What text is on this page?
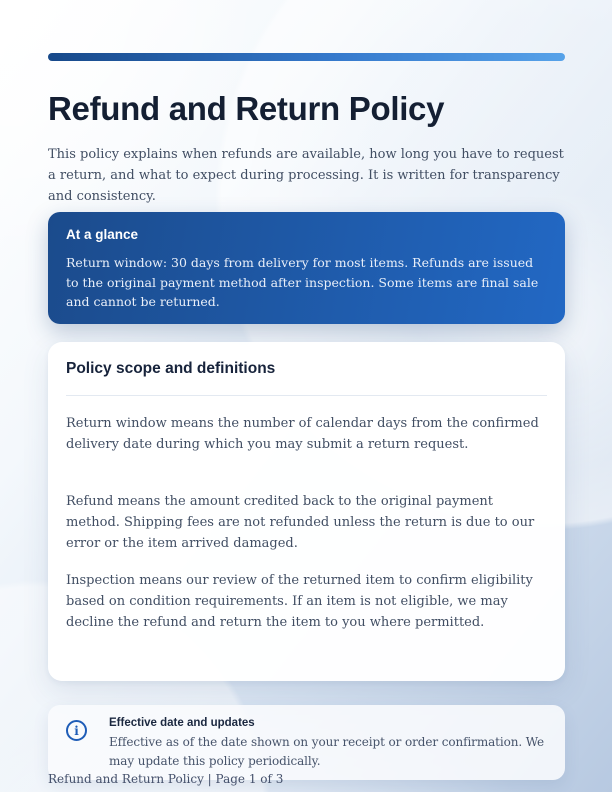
Refund and Return Policy

This policy explains when refunds are available, how long you have to request a return, and what to expect during processing. It is written for transparency and consistency.

At a glance

Return window: 30 days from delivery for most items. Refunds are issued to the original payment method after inspection. Some items are final sale and cannot be returned.

Policy scope and definitions

Return window means the number of calendar days from the confirmed delivery date during which you may submit a return request.

Refund means the amount credited back to the original payment method. Shipping fees are not refunded unless the return is due to our error or the item arrived damaged.

Inspection means our review of the returned item to confirm eligibility based on condition requirements. If an item is not eligible, we may decline the refund and return the item to you where permitted.

i
Effective date and updates

Effective as of the date shown on your receipt or order confirmation. We may update this policy periodically.

Refund and Return Policy | Page 1 of 3
